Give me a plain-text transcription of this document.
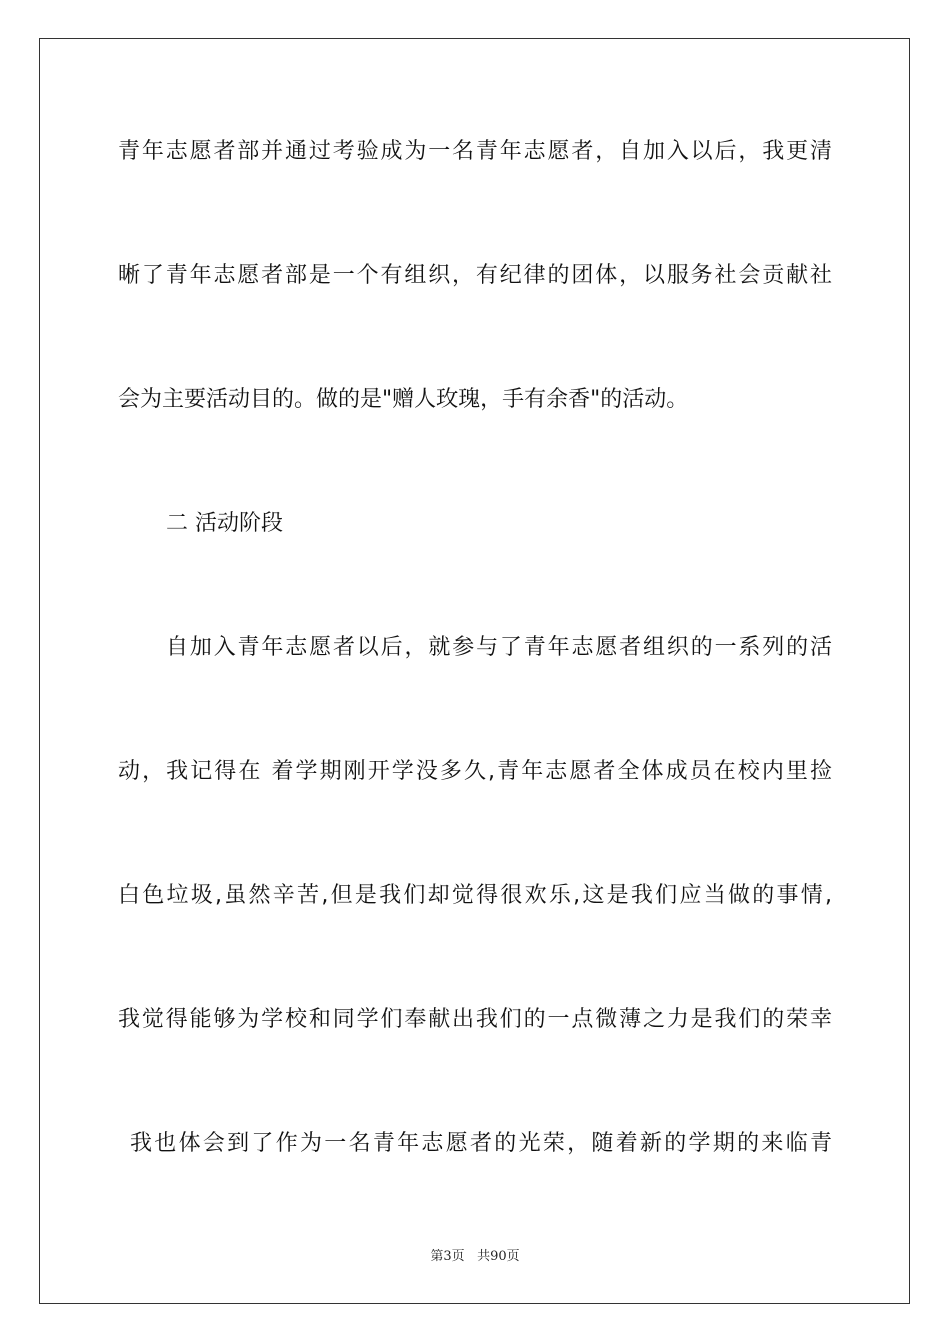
青年志愿者部并通过考验成为一名青年志愿者，自加入以后，我更清
晰了青年志愿者部是一个有组织，有纪律的团体，以服务社会贡献社
会为主要活动目的。做的是"赠人玫瑰，手有余香"的活动。
二 活动阶段
自加入青年志愿者以后，就参与了青年志愿者组织的一系列的活
动，我记得在 着学期刚开学没多久,青年志愿者全体成员在校内里捡
白色垃圾,虽然辛苦,但是我们却觉得很欢乐,这是我们应当做的事情,
我觉得能够为学校和同学们奉献出我们的一点微薄之力是我们的荣幸
我也体会到了作为一名青年志愿者的光荣，随着新的学期的来临青
第3页 共90页
